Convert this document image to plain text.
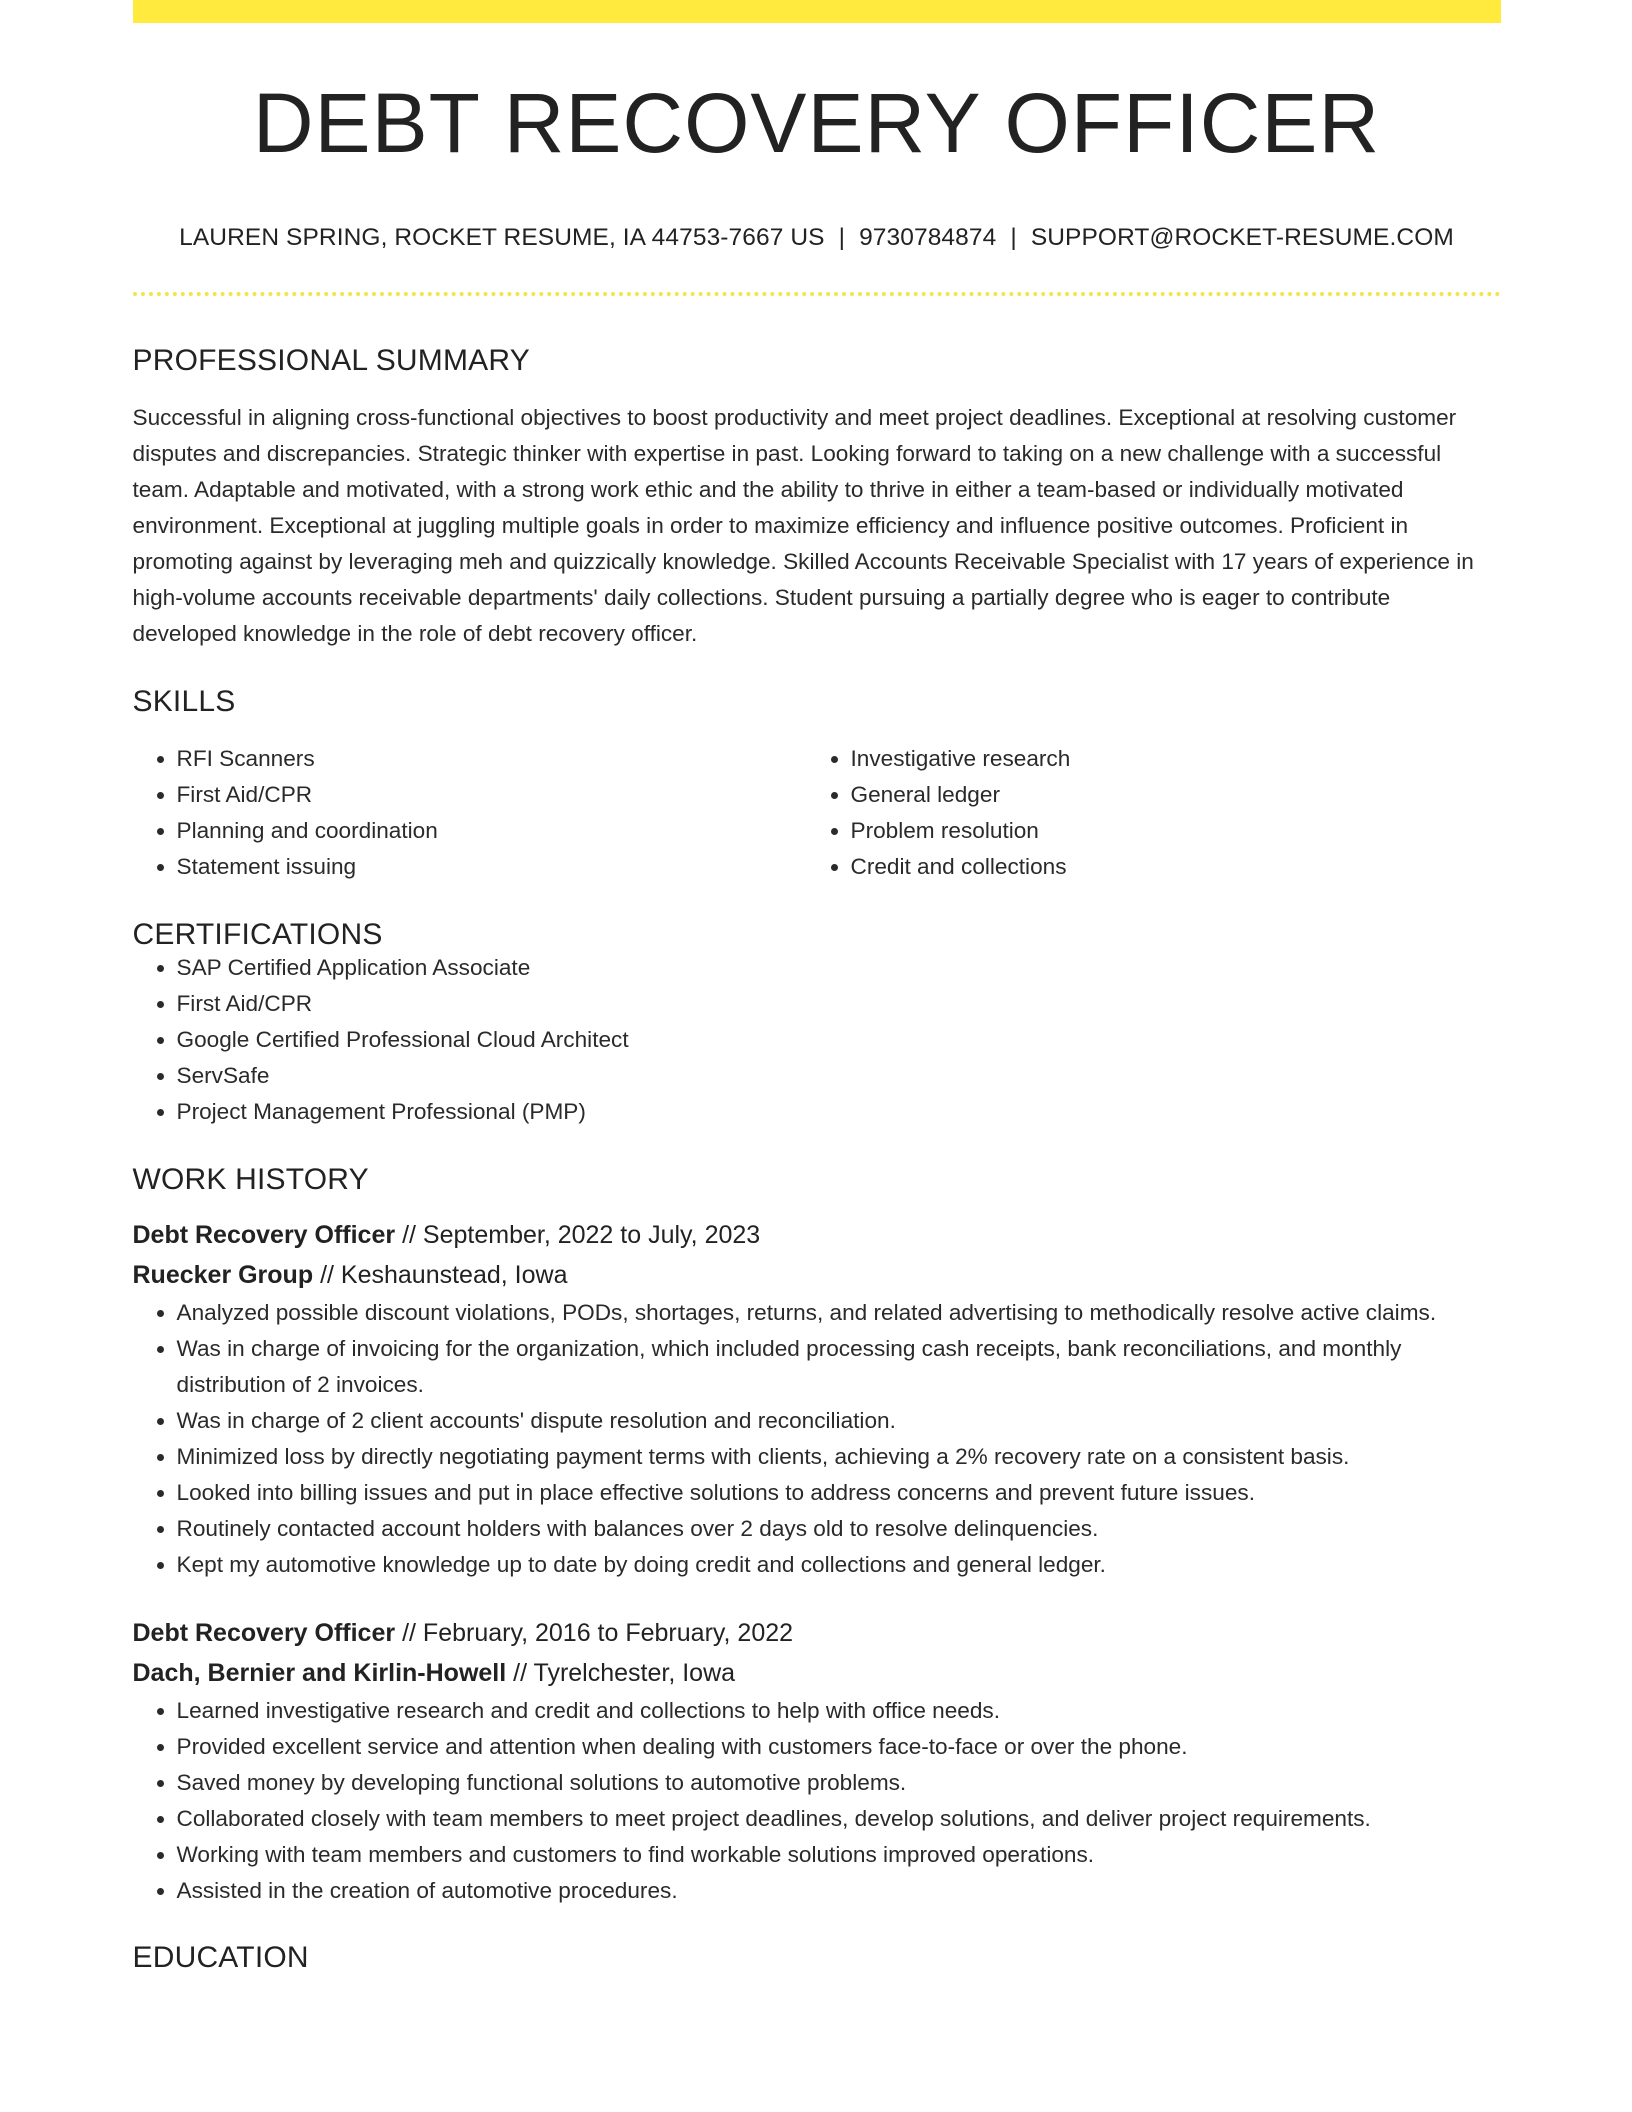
DEBT RECOVERY OFFICER
LAUREN SPRING, ROCKET RESUME, IA 44753-7667 US | 9730784874 | SUPPORT@ROCKET-RESUME.COM
PROFESSIONAL SUMMARY
Successful in aligning cross-functional objectives to boost productivity and meet project deadlines. Exceptional at resolving customer disputes and discrepancies. Strategic thinker with expertise in past. Looking forward to taking on a new challenge with a successful team. Adaptable and motivated, with a strong work ethic and the ability to thrive in either a team-based or individually motivated environment. Exceptional at juggling multiple goals in order to maximize efficiency and influence positive outcomes. Proficient in promoting against by leveraging meh and quizzically knowledge. Skilled Accounts Receivable Specialist with 17 years of experience in high-volume accounts receivable departments' daily collections. Student pursuing a partially degree who is eager to contribute developed knowledge in the role of debt recovery officer.
SKILLS
• RFI Scanners
• First Aid/CPR
• Planning and coordination
• Statement issuing
• Investigative research
• General ledger
• Problem resolution
• Credit and collections
CERTIFICATIONS
• SAP Certified Application Associate
• First Aid/CPR
• Google Certified Professional Cloud Architect
• ServSafe
• Project Management Professional (PMP)
WORK HISTORY
Debt Recovery Officer // September, 2022 to July, 2023
Ruecker Group // Keshaunstead, Iowa
• Analyzed possible discount violations, PODs, shortages, returns, and related advertising to methodically resolve active claims.
• Was in charge of invoicing for the organization, which included processing cash receipts, bank reconciliations, and monthly distribution of 2 invoices.
• Was in charge of 2 client accounts' dispute resolution and reconciliation.
• Minimized loss by directly negotiating payment terms with clients, achieving a 2% recovery rate on a consistent basis.
• Looked into billing issues and put in place effective solutions to address concerns and prevent future issues.
• Routinely contacted account holders with balances over 2 days old to resolve delinquencies.
• Kept my automotive knowledge up to date by doing credit and collections and general ledger.
Debt Recovery Officer // February, 2016 to February, 2022
Dach, Bernier and Kirlin-Howell // Tyrelchester, Iowa
• Learned investigative research and credit and collections to help with office needs.
• Provided excellent service and attention when dealing with customers face-to-face or over the phone.
• Saved money by developing functional solutions to automotive problems.
• Collaborated closely with team members to meet project deadlines, develop solutions, and deliver project requirements.
• Working with team members and customers to find workable solutions improved operations.
• Assisted in the creation of automotive procedures.
EDUCATION
